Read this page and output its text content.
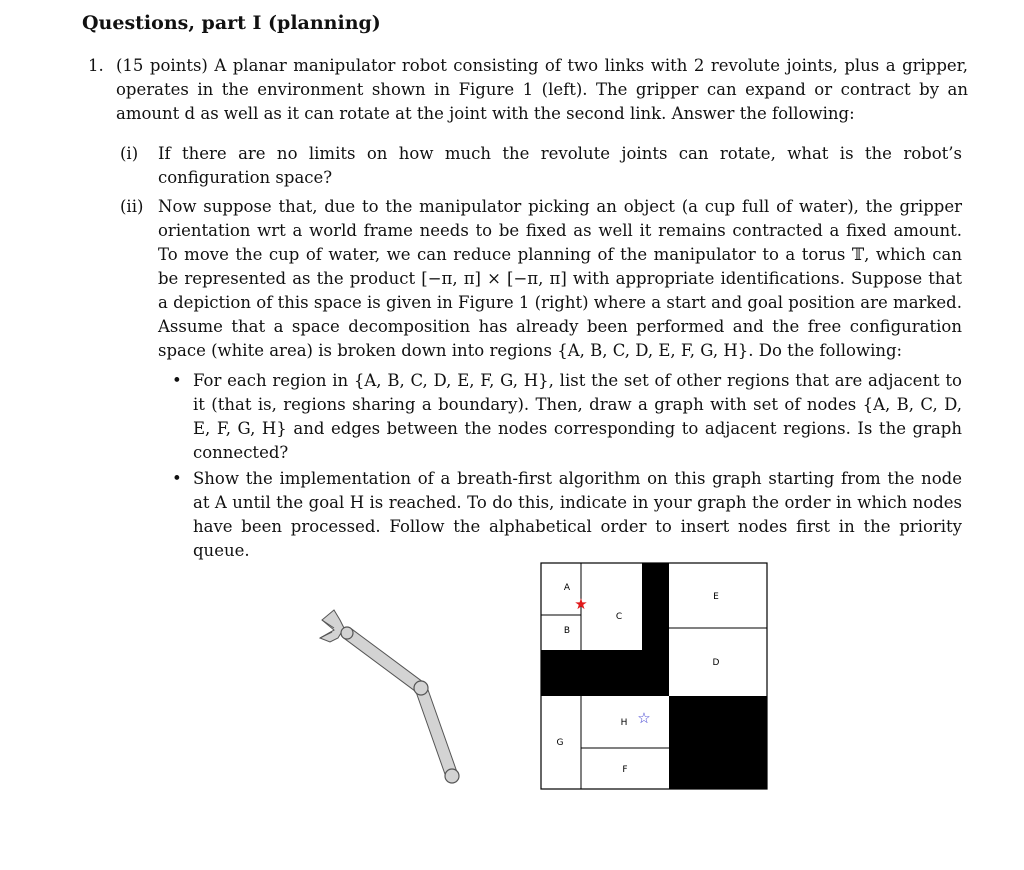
Questions, part I (planning)
1. (15 points) A planar manipulator robot consisting of two links with 2 revolute joints, plus a gripper, operates in the environment shown in Figure 1 (left). The gripper can expand or contract by an amount d as well as it can rotate at the joint with the second link. Answer the following:
(i) If there are no limits on how much the revolute joints can rotate, what is the robot’s configuration space?
(ii) Now suppose that, due to the manipulator picking an object (a cup full of water), the gripper orientation wrt a world frame needs to be fixed as well it remains contracted a fixed amount. To move the cup of water, we can reduce planning of the manipulator to a torus 𝕋, which can be represented as the product [−π, π] × [−π, π] with appropriate identifications. Suppose that a depiction of this space is given in Figure 1 (right) where a start and goal position are marked. Assume that a space decomposition has already been performed and the free configuration space (white area) is broken down into regions {A, B, C, D, E, F, G, H}. Do the following:
• For each region in {A, B, C, D, E, F, G, H}, list the set of other regions that are adjacent to it (that is, regions sharing a boundary). Then, draw a graph with set of nodes {A, B, C, D, E, F, G, H} and edges between the nodes corresponding to adjacent regions. Is the graph connected?
• Show the implementation of a breath-first algorithm on this graph starting from the node at A until the goal H is reached. To do this, indicate in your graph the order in which nodes have been processed. Follow the alphabetical order to insert nodes first in the priority queue.
A
B
C
D
E
F
G
H
★
☆
